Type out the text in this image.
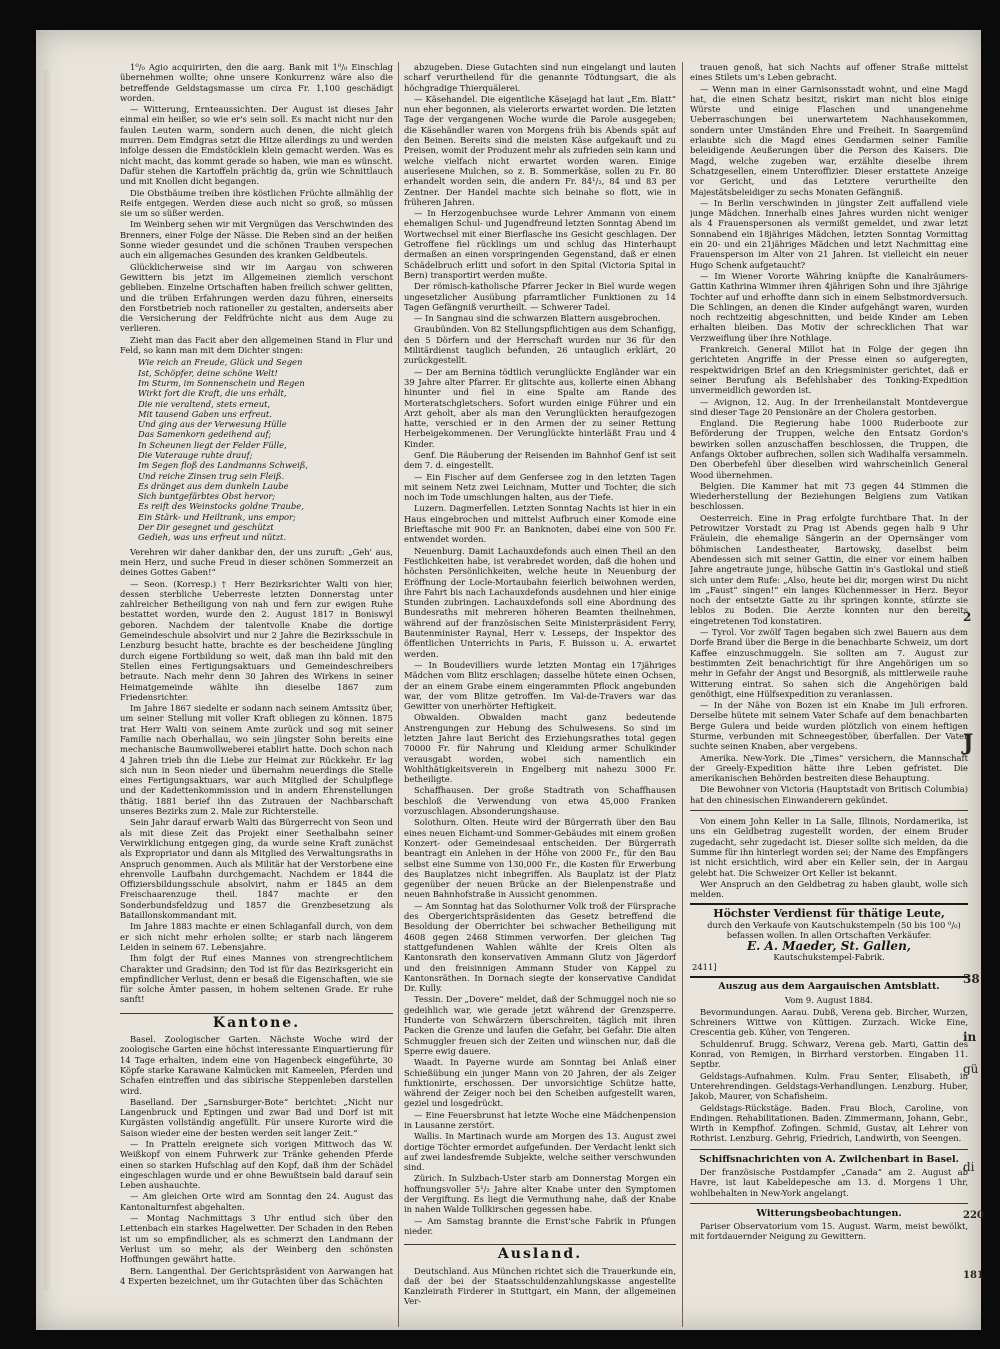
1⁰/₀ Agio acquirirten, den die aarg. Bank mit 1⁰/₀ Einschlag übernehmen wollte; ohne unsere Konkurrenz wäre also die betreffende Geldstagsmasse um circa Fr. 1,100 geschädigt worden.

— Witterung, Ernteaussichten. Der August ist dieses Jahr einmal ein heißer, so wie er's sein soll. Es macht nicht nur den faulen Leuten warm, sondern auch denen, die nicht gleich murren. Dem Emdgras setzt die Hitze allerdings zu und werden infolge dessen die Emdstöcklein klein gemacht werden. Was es nicht macht, das kommt gerade so haben, wie man es wünscht. Dafür stehen die Kartoffeln prächtig da, grün wie Schnittlauch und mit Knollen dicht begangen.

Die Obstbäume treiben ihre köstlichen Früchte allmählig der Reife entgegen. Werden diese auch nicht so groß, so müssen sie um so süßer werden.

Im Weinberg sehen wir mit Vergnügen das Verschwinden des Brenners, einer Folge der Nässe. Die Reben sind an der heißen Sonne wieder gesundet und die schönen Trauben verspechen auch ein allgemaches Gesunden des kranken Geldbeutels.

Glücklicherweise sind wir im Aargau von schweren Gewittern bis jetzt im Allgemeinen ziemlich verschont geblieben. Einzelne Ortschaften haben freilich schwer gelitten, und die trüben Erfahrungen werden dazu führen, einerseits den Forstbetrieb noch rationeller zu gestalten, anderseits aber die Versicherung der Feldfrüchte nicht aus dem Auge zu verlieren.

Zieht man das Facit aber den allgemeinen Stand in Flur und Feld, so kann man mit dem Dichter singen:

Wie reich an Freude, Glück und Segen
Ist, Schöpfer, deine schöne Welt!
Im Sturm, im Sonnenschein und Regen
Wirkt fort die Kraft, die uns erhält,
Die nie veraltend, stets erneut,
Mit tausend Gaben uns erfreut.
Und ging aus der Verwesung Hülle
Das Samenkorn gedeihend auf;
In Scheunen liegt der Felder Fülle,
Die Vaterauge ruhte drauf;
Im Segen floß des Landmanns Schweiß,
Und reiche Zinsen trug sein Fleiß.
Es dränget aus dem dunkeln Laube
Sich buntgefärbtes Obst hervor;
Es reift des Weinstocks goldne Traube,
Ein Stärk- und Heiltrank, uns empor;
Der Dir gesegnet und geschützt
Gedieh, was uns erfreut und nützt.

Verehren wir daher dankbar den, der uns zuruft: „Geh' aus, mein Herz, und suche Freud in dieser schönen Sommerzeit an deines Gottes Gaben!“

— Seon. (Korresp.) † Herr Bezirksrichter Walti von hier, dessen sterbliche Ueberreste letzten Donnerstag unter zahlreicher Betheiligung von nah und fern zur ewigen Ruhe bestattet worden, wurde den 2. August 1817 in Boniswyl geboren. Nachdem der talentvolle Knabe die dortige Gemeindeschule absolvirt und nur 2 Jahre die Bezirksschule in Lenzburg besucht hatte, brachte es der bescheidene Jüngling durch eigene Fortbildung so weit, daß man ihn bald mit den Stellen eines Fertigungsaktuars und Gemeindeschreibers betraute. Nach mehr denn 30 Jahren des Wirkens in seiner Heimatgemeinde wählte ihn dieselbe 1867 zum Friedensrichter.

Im Jahre 1867 siedelte er sodann nach seinem Amtssitz über, um seiner Stellung mit voller Kraft obliegen zu können. 1875 trat Herr Walti von seinem Amte zurück und sog mit seiner Familie nach Oberhallau, wo sein jüngster Sohn bereits eine mechanische Baumwollweberei etablirt hatte. Doch schon nach 4 Jahren trieb ihn die Liebe zur Heimat zur Rückkehr. Er lag sich nun in Seon nieder und übernahm neuerdings die Stelle eines Fertigungsaktuars, war auch Mitglied der Schulpflege und der Kadettenkommission und in andern Ehrenstellungen thätig. 1881 berief ihn das Zutrauen der Nachbarschaft unseres Bezirks zum 2. Male zur Richterstelle.

Sein Jahr darauf erwarb Walti das Bürgerrecht von Seon und als mit diese Zeit das Projekt einer Seethalbahn seiner Verwirklichung entgegen ging, da wurde seine Kraft zunächst als Expropriator und dann als Mitglied des Verwaltungsraths in Anspruch genommen. Auch als Militär hat der Verstorbene eine ehrenvolle Laufbahn durchgemacht. Nachdem er 1844 die Offiziersbildungsschule absolvirt, nahm er 1845 an dem Freischaarenzuge theil. 1847 machte er den Sonderbundsfeldzug und 1857 die Grenzbesetzung als Bataillonskommandant mit.

Im Jahre 1883 machte er einen Schlaganfall durch, von dem er sich nicht mehr erholen sollte; er starb nach längerem Leiden in seinem 67. Lebensjahre.

Ihm folgt der Ruf eines Mannes von strengrechtlichem Charakter und Gradsinn; den Tod ist für das Bezirksgericht ein empfindlicher Verlust, denn er besaß die Eigenschaften, wie sie für solche Ämter passen, in hohem seltenen Grade. Er ruhe sanft!

Kantone.

Basel. Zoologischer Garten. Nächste Woche wird der zoologische Garten eine höchst interessante Einquartierung für 14 Tage erhalten, indem eine von Hagenbeck eingeführte, 30 Köpfe starke Karawane Kalmücken mit Kameelen, Pferden und Schafen eintreffen und das sibirische Steppenleben darstellen wird.

Baselland. Der „Sarnsburger-Bote“ berichtet: „Nicht nur Langenbruck und Eptingen und zwar Bad und Dorf ist mit Kurgästen vollständig angefüllt. Für unsere Kurorte wird die Saison wieder eine der besten werden seit langer Zeit.“

— In Pratteln ereignete sich vorigen Mittwoch das W. Weißkopf von einem Fuhrwerk zur Tränke gehenden Pferde einen so starken Hufschlag auf den Kopf, daß ihm der Schädel eingeschlagen wurde und er ohne Bewußtsein bald darauf sein Leben aushauchte.

— Am gleichen Orte wird am Sonntag den 24. August das Kantonalturnfest abgehalten.

— Montag Nachmittags 3 Uhr entlud sich über den Lettenbach ein starkes Hagelwetter. Der Schaden in den Reben ist um so empfindlicher, als es schmerzt den Landmann der Verlust um so mehr, als der Weinberg den schönsten Hoffnungen gewährt hatte.

Bern. Langenthal. Der Gerichtspräsident von Aarwangen hat 4 Experten bezeichnet, um ihr Gutachten über das Schächten

abzugeben. Diese Gutachten sind nun eingelangt und lauten scharf verurtheilend für die genannte Tödtungsart, die als höchgradige Thierquälerei.

— Käsehandel. Die eigentliche Käsejagd hat laut „Em. Blatt“ nun eher begonnen, als vielerorts erwartet worden. Die letzten Tage der vergangenen Woche wurde die Parole ausgegeben; die Käsehändler waren von Morgens früh bis Abends spät auf den Beinen. Bereits sind die meisten Käse aufgekauft und zu Preisen, womit der Produzent mehr als zufrieden sein kann und welche vielfach nicht erwartet worden waren. Einige auserlesene Mulchen, so z. B. Sommerkäse, sollen zu Fr. 80 erhandelt worden sein, die andern Fr. 84¹/₂, 84 und 83 per Zentner. Der Handel machte sich beinahe so flott, wie in früheren Jahren.

— In Herzogenbuchsee wurde Lehrer Ammann von einem ehemaligen Schul- und Jugendfreund letzten Sonntag Abend im Wortwechsel mit einer Bierflasche ins Gesicht geschlagen. Der Getroffene fiel rücklings um und schlug das Hinterhaupt dermaßen an einen vorspringenden Gegenstand, daß er einen Schädelbruch erlitt und sofort in den Spital (Victoria Spital in Bern) transportirt werden mußte.

Der römisch-katholische Pfarrer Jecker in Biel wurde wegen ungesetzlicher Ausübung pfarramtlicher Funktionen zu 14 Tagen Gefängniß verurtheilt. — Schwerer Tadel.

— In Sangnau sind die schwarzen Blattern ausgebrochen.

Graubünden. Von 82 Stellungspflichtigen aus dem Schanfigg, den 5 Dörfern und der Herrschaft wurden nur 36 für den Militärdienst tauglich befunden, 26 untauglich erklärt, 20 zurückgestellt.

— Der am Bernina tödtlich verunglückte Engländer war ein 39 Jahre alter Pfarrer. Er glitschte aus, kollerte einen Abhang hinunter und fiel in eine Spalte am Rande des Morteratschgletschers. Sofort wurden einige Führer und ein Arzt geholt, aber als man den Verunglückten heraufgezogen hatte, verschied er in den Armen der zu seiner Rettung Herbeigekommenen. Der Verunglückte hinterläßt Frau und 4 Kinder.

Genf. Die Räuberung der Reisenden im Bahnhof Genf ist seit dem 7. d. eingestellt.

— Ein Fischer auf dem Genfersee zog in den letzten Tagen mit seinem Netz zwei Leichnam, Mutter und Tochter, die sich noch im Tode umschlungen halten, aus der Tiefe.

Luzern. Dagmerfellen. Letzten Sonntag Nachts ist hier in ein Haus eingebrochen und mittelst Aufbruch einer Komode eine Brieftasche mit 900 Fr. an Banknoten, dabei eine von 500 Fr. entwendet worden.

Neuenburg. Damit Lachauxdefonds auch einen Theil an den Festlichkeiten habe, ist verabredet worden, daß die hohen und höchsten Persönlichkeiten, welche heute in Neuenburg der Eröffnung der Locle-Mortaubahn feierlich beiwohnen werden, ihre Fahrt bis nach Lachauxdefonds ausdehnen und hier einige Stunden zubringen. Lachauxdefonds soll eine Abordnung des Bundesraths mit mehreren höheren Beamten theilnehmen, während auf der französischen Seite Ministerpräsident Ferry, Bautenminister Raynal, Herr v. Lesseps, der Inspektor des öffentlichen Unterrichts in Paris, F. Buisson u. A. erwartet werden.

— In Boudevilliers wurde letzten Montag ein 17jähriges Mädchen vom Blitz erschlagen; dasselbe hütete einen Ochsen, der an einem Grabe einem eingerammten Pflock angebunden war, der vom Blitze getroffen. Im Val-de-Travers war das Gewitter von unerhörter Heftigkeit.

Obwalden. Obwalden macht ganz bedeutende Anstrengungen zur Hebung des Schulwesens. So sind im letzten Jahre laut Bericht des Erziehungsrathes total gegen 70000 Fr. für Nahrung und Kleidung armer Schulkinder verausgabt worden, wobei sich namentlich ein Wohlthätigkeitsverein in Engelberg mit nahezu 3000 Fr. betheiligte.

Schaffhausen. Der große Stadtrath von Schaffhausen beschloß die Verwendung von etwa 45,000 Franken vorzuschlagen. Absonderungshause.

Solothurn. Olten. Heute wird der Bürgerrath über den Bau eines neuen Eichamt-und Sommer-Gebäudes mit einem großen Konzert- oder Gemeindesaal entscheiden. Der Bürgerrath beantragt ein Anlehen in der Höhe von 2000 Fr., für den Bau selbst eine Summe von 130,000 Fr., die Kosten für Erwerbung des Bauplatzes nicht inbegriffen. Als Bauplatz ist der Platz gegenüber der neuen Brücke an der Bielenpenstraße und neuen Bahnhofstraße in Aussicht genommen.

— Am Sonntag hat das Solothurner Volk troß der Fürsprache des Obergerichtspräsidenten das Gesetz betreffend die Besoldung der Oberrichter bei schwacher Betheiligung mit 4608 gegen 2468 Stimmen verworfen. Der gleichen Tag stattgefundenen Wahlen wählte der Kreis Olten als Kantonsrath den konservativen Ammann Glutz von Jägerdorf und den freisinnigen Ammann Studer von Kappel zu Kantonsräthen. In Dornach siegte der konservative Candidat Dr. Kully.

Tessin. Der „Dovere“ meldet, daß der Schmuggel noch nie so gedeihlich war, wie gerade jetzt während der Grenzsperre. Hunderte von Schwärzern überschreiten, täglich mit ihren Packen die Grenze und laufen die Gefahr, bei Gefahr. Die alten Schmuggler freuen sich der Zeiten und wünschen nur, daß die Sperre ewig dauere.

Waadt. In Payerne wurde am Sonntag bei Anlaß einer Schießübung ein junger Mann von 20 Jahren, der als Zeiger funktionirte, erschossen. Der unvorsichtige Schütze hatte, während der Zeiger noch bei den Scheiben aufgestellt waren, geziel und losgedrückt.

— Eine Feuersbrunst hat letzte Woche eine Mädchenpension in Lausanne zerstört.

Wallis. In Martinach wurde am Morgen des 13. August zwei dortige Töchter ermordet aufgefunden. Der Verdacht lenkt sich auf zwei landesfremde Subjekte, welche seither verschwunden sind.

Zürich. In Sulzbach-Uster starb am Donnerstag Morgen ein hoffnungsvoller 5¹/₂ Jahre alter Knabe unter den Symptomen der Vergiftung. Es liegt die Vermuthung nahe, daß der Knabe in nahen Walde Tollkirschen gegessen habe.

— Am Samstag brannte die Ernst'sche Fabrik in Pfungen nieder.

Ausland.

Deutschland. Aus München richtet sich die Trauerkunde ein, daß der bei der Staatsschuldenzahlungskasse angestellte Kanzleirath Firderer in Stuttgart, ein Mann, der allgemeinen Ver-

trauen genoß, hat sich Nachts auf offener Straße mittelst eines Stilets um's Leben gebracht.

— Wenn man in einer Garnisonsstadt wohnt, und eine Magd hat, die einen Schatz besitzt, riskirt man nicht blos einige Würste und einige Flaschen und unangenehme Ueberraschungen bei unerwartetem Nachhausekommen, sondern unter Umständen Ehre und Freiheit. In Saargemünd erlaubte sich die Magd eines Gendarmen seiner Familie beleidigende Aeußerungen über die Person des Kaisers. Die Magd, welche zugeben war, erzählte dieselbe ihrem Schatzgesellen, einem Unteroffizier. Dieser erstattete Anzeige vor Gericht, und das Letztere verurtheilte den Majestätsbeleidiger zu sechs Monaten Gefängniß.

— In Berlin verschwinden in jüngster Zeit auffallend viele junge Mädchen. Innerhalb eines Jahres wurden nicht weniger als 4 Frauenspersonen als vermißt gemeldet, und zwar letzt Sonnabend ein 18jähriges Mädchen, letzten Sonntag Vormittag ein 20- und ein 21jähriges Mädchen und letzt Nachmittag eine Frauensperson im Alter von 21 Jahren. Ist vielleicht ein neuer Hugo Schenk aufgetaucht?

— Im Wiener Vororte Währing knüpfte die Kanalräumers-Gattin Kathrina Wimmer ihren 4jährigen Sohn und ihre 3jährige Tochter auf und erhoffte dann sich in einem Selbstmordversuch. Die Schlingen, an denen die Kinder aufgehängt waren, wurden noch rechtzeitig abgeschnitten, und beide Kinder am Leben erhalten bleiben. Das Motiv der schrecklichen That war Verzweiflung über ihre Nothlage.

Frankreich. General Millot hat in Folge der gegen ihn gerichteten Angriffe in der Presse einen so aufgeregten, respektwidrigen Brief an den Kriegsminister gerichtet, daß er seiner Berufung als Befehlshaber des Tonking-Expedition unvermeidlich geworden ist.

— Avignon, 12. Aug. In der Irrenheilanstalt Montdevergue sind dieser Tage 20 Pensionäre an der Cholera gestorben.

England. Die Regierung habe 1000 Ruderboote zur Beförderung der Truppen, welche den Entsatz Gordon's bewirken sollen anzuschaffen beschlossen, die Truppen, die Anfangs Oktober aufbrechen, sollen sich Wadihalfa versammeln. Den Oberbefehl über dieselben wird wahrscheinlich General Wood übernehmen.

Belgien. Die Kammer hat mit 73 gegen 44 Stimmen die Wiederherstellung der Beziehungen Belgiens zum Vatikan beschlossen.

Oesterreich. Eine in Prag erfolgte furchtbare That. In der Petrowitzer Vorstadt zu Prag ist Abends gegen halb 9 Uhr Fräulein, die ehemalige Sängerin an der Opernsänger vom böhmischen Landestheater, Bartowsky, daselbst beim Abendessen sich mit seiner Gattin, die einer vor einem halben Jahre angetraute junge, hübsche Gattin in's Gastlokal und stieß sich unter dem Rufe: „Also, heute bei dir, morgen wirst Du nicht im „Faust“ singen!“ ein langes Küchenmesser in Herz. Beyor noch der entsetzte Gatte zu ihr springen konnte, stürzte sie leblos zu Boden. Die Aerzte konnten nur den bereits eingetretenen Tod konstatiren.

— Tyrol. Vor zwölf Tagen begaben sich zwei Bauern aus dem Dorfe Brand über die Berge in die benachbarte Schweiz, um dort Kaffee einzuschmuggeln. Sie sollten am 7. August zur bestimmten Zeit benachrichtigt für ihre Angehörigen um so mehr in Gefahr der Angst und Besorgniß, als mittlerweile rauhe Witterung eintrat. So sahen sich die Angehörigen bald genöthigt, eine Hülfsexpedition zu veranlassen.

— In der Nähe von Bozen ist ein Knabe im Juli erfroren. Derselbe hütete mit seinem Vater Schafe auf dem benachbarten Berge Gulera und beide wurden plötzlich von einem heftigen Sturme, verbunden mit Schneegestöber, überfallen. Der Vater suchte seinen Knaben, aber vergebens.

Amerika. New-York. Die „Times“ versichern, die Mannschaft der Greely-Expedition hätte ihre Leben gefristet. Die amerikanischen Behörden bestreiten diese Behauptung.

Die Bewohner von Victoria (Hauptstadt von Britisch Columbia) hat den chinesischen Einwanderern gekündet.

Von einem John Keller in La Salle, Illinois, Nordamerika, ist uns ein Geldbetrag zugestellt worden, der einem Bruder zugedacht, sehr zugedacht ist. Dieser sollte sich melden, da die Summe für ihn hinterlegt worden sei; der Name des Empfängers ist nicht ersichtlich, wird aber ein Keller sein, der in Aargau gelebt hat. Die Schweizer Ort Keller ist bekannt.

Wer Anspruch an den Geldbetrag zu haben glaubt, wolle sich melden.

Höchster Verdienst für thätige Leute,

durch den Verkaufe von Kautschukstempeln (50 bis 100 ⁰/₀) befassen wollen. In allen Ortschaften Verkäufer.

E. A. Maeder, St. Gallen,
Kautschukstempel-Fabrik.
2411]
Auszug aus dem Aargauischen Amtsblatt.
Vom 9. August 1884.

Bevormundungen. Aarau. Dubß, Verena geb. Bircher, Wurzen, Schreiners Wittwe von Küttigen. Zurzach. Wicke Eine, Crescentia geb. Küher, von Tengeren.

Schuldenruf. Brugg. Schwarz, Verena geb. Marti, Gattin des Konrad, von Remigen, in Birrhard verstorben. Eingaben 11. Septbr.

Geldstags-Aufnahmen. Kulm. Frau Senter, Elisabeth, in Unterehrendingen. Geldstags-Verhandlungen. Lenzburg. Huber, Jakob, Maurer, von Schafisheim.

Geldstags-Rückstäge. Baden. Frau Bloch, Caroline, von Endingen. Rehabilitationen. Baden. Zimmermann, Johann, Gebr., Wirth in Kempfhof. Zofingen. Schmid, Gustav, alt Lehrer von Rothrist. Lenzburg. Gehrig, Friedrich, Landwirth, von Seengen.

Schiffsnachrichten von A. Zwilchenbart in Basel.

Der französische Postdampfer „Canada“ am 2. August ab Havre, ist laut Kabeldepesche am 13. d. Morgens 1 Uhr, wohlbehalten in New-York angelangt.

Witterungsbeobachtungen.

Pariser Observatorium vom 15. August. Warm, meist bewölkt, mit fortdauernder Neigung zu Gewittern.

2
J
38
in
gü
di
220
181
